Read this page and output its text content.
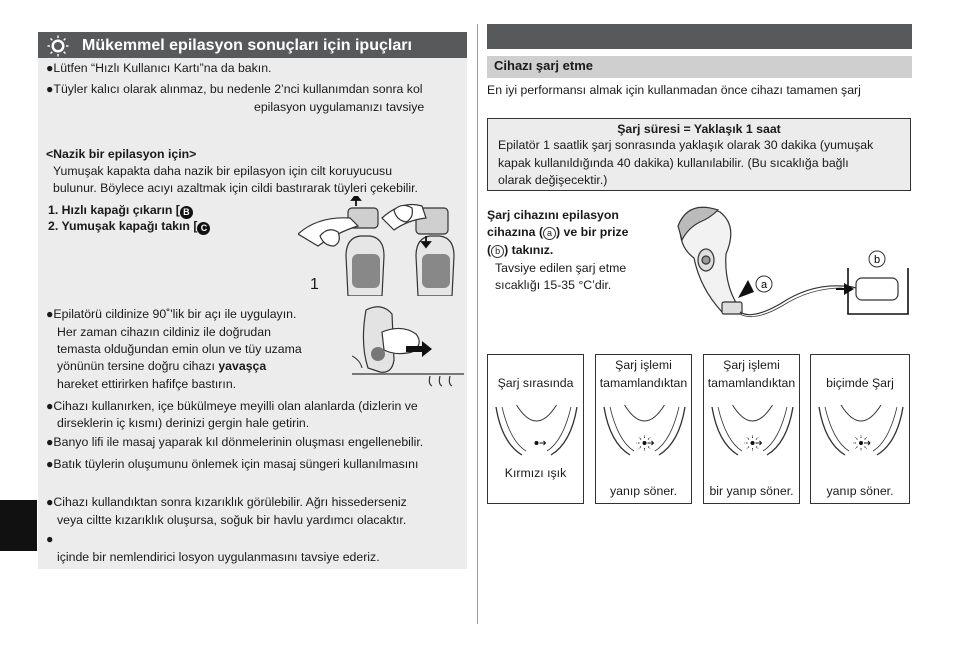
Mükemmel epilasyon sonuçları için ipuçları

●Lütfen “Hızlı Kullanıcı Kartı”na da bakın.

●Tüyler kalıcı olarak alınmaz, bu nedenle 2’nci kullanımdan sonra kol

epilasyon uygulamanızı tavsiye

<Nazik bir epilasyon için>

Yumuşak kapakta daha nazik bir epilasyon için cilt koruyucusu

bulunur. Böylece acıyı azaltmak için cildi bastırarak tüyleri çekebilir.

1. Hızlı kapağı çıkarın [ B

2. Yumuşak kapağı takın [ C

1

●Epilatörü cildinize 90˚'lik bir açı ile uygulayın.

Her zaman cihazın cildiniz ile doğrudan

temasta olduğundan emin olun ve tüy uzama

yönünün tersine doğru cihazı yavaşça

hareket ettirirken hafifçe bastırın.

●Cihazı kullanırken, içe bükülmeye meyilli olan alanlarda (dizlerin ve

dirseklerin iç kısmı) derinizi gergin hale getirin.

●Banyo lifi ile masaj yaparak kıl dönmelerinin oluşması engellenebilir.

●Batık tüylerin oluşumunu önlemek için masaj süngeri kullanılmasını

●Cihazı kullandıktan sonra kızarıklık görülebilir. Ağrı hissederseniz

veya ciltte kızarıklık oluşursa, soğuk bir havlu yardımcı olacaktır.

●

içinde bir nemlendirici losyon uygulanmasını tavsiye ederiz.

Cihazı şarj etme

En iyi performansı almak için kullanmadan önce cihazı tamamen şarj

Şarj süresi = Yaklaşık 1 saat

Epilatör 1 saatlik şarj sonrasında yaklaşık olarak 30 dakika (yumuşak

kapak kullanıldığında 40 dakika) kullanılabilir. (Bu sıcaklığa bağlı

olarak değişecektir.)

Şarj cihazını epilasyon

cihazına ( a ) ve bir prize

( b ) takınız.

Tavsiye edilen şarj etme

sıcaklığı 15-35 °C’dir.	a
b
Şarj sırasında
Kırmızı ışık
Şarj işlemi
tamamlandıktan
yanıp söner.
Şarj işlemi
tamamlandıktan
bir yanıp söner.
biçimde Şarj
yanıp söner.
